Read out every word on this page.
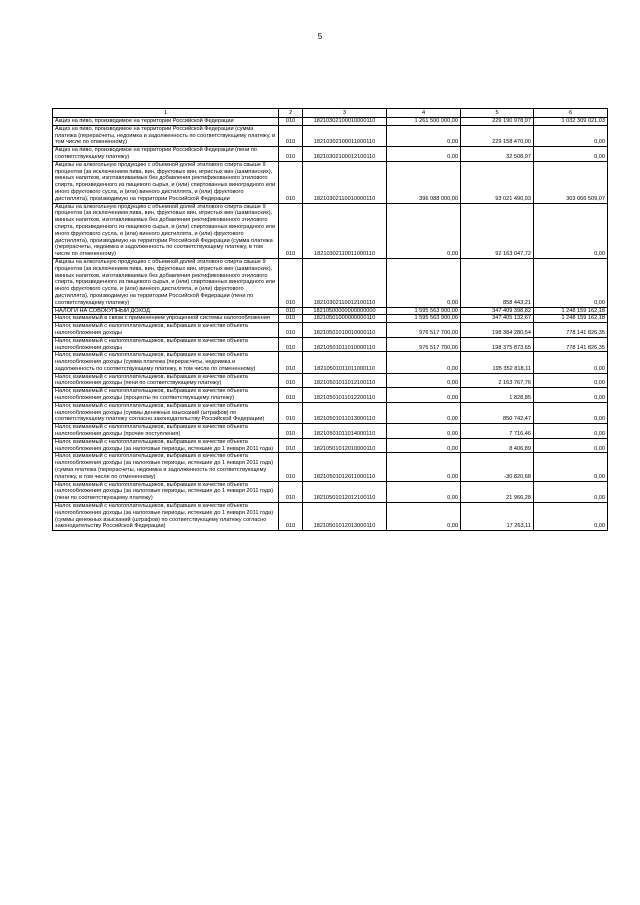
5
1	2	3	4	5	6
Акциз на пиво, производимое на территории Российской Федерации	010	18210302100010000110	1 261 500 000,00	229 190 978,97	1 032 309 021,03
Акциз на пиво, производимое на территории Российской Федерации (сумма платежа (перерасчеты, недоимка и задолженность по соответствующему платежу, в том числе по отмененному)	010	18210302100011000110	0,00	229 158 470,00	0,00
Акциз на пиво, производимое на территории Российской Федерации (пени по соответствующему платежу)	010	18210302100012100110	0,00	32 508,97	0,00
Акцизы на алкогольную продукцию с объемной долей этилового спирта свыше 9 процентов (за исключением пива, вин, фруктовых вин, игристых вин (шампанских), винных напитков, изготавливаемых без добавления ректификованного этилового спирта, произведенного из пищевого сырья, и (или) спиртованных виноградного или иного фруктового сусла, и (или) винного дистиллята, и (или) фруктового дистиллята), производимую на территории Российской Федерации	010	18210302110010000110	396 088 000,00	93 021 490,93	303 066 509,07
Акцизы на алкогольную продукцию с объемной долей этилового спирта свыше 9 процентов (за исключением пива, вин, фруктовых вин, игристых вин (шампанских), винных напитков, изготавливаемых без добавления ректификованного этилового спирта, произведенного из пищевого сырья, и (или) спиртованных виноградного или иного фруктового сусла, и (или) винного дистиллята, и (или) фруктового дистиллята), производимую на территории Российской Федерации (сумма платежа (перерасчеты, недоимка и задолженность по соответствующему платежу, в том числе по отмененному)	010	18210302110011000110	0,00	92 163 047,72	0,00
Акцизы на алкогольную продукцию с объемной долей этилового спирта свыше 9 процентов (за исключением пива, вин, фруктовых вин, игристых вин (шампанских), винных напитков, изготавливаемых без добавления ректификованного этилового спирта, произведенного из пищевого сырья, и (или) спиртованных виноградного или иного фруктового сусла, и (или) винного дистиллята, и (или) фруктового дистиллята), производимую на территории Российской Федерации (пени по соответствующему платежу)	010	18210302110012100110	0,00	858 443,21	0,00
НАЛОГИ НА СОВОКУПНЫЙ ДОХОД	010	18210500000000000000	1 595 563 900,00	347 409 398,82	1 248 159 162,18
Налог, взимаемый в связи с применением упрощенной системы налогообложения	010	18210501000000000110	1 595 563 900,00	347 405 132,67	1 248 159 162,18
Налог, взимаемый с налогоплательщиков, выбравших в качестве объекта налогообложения доходы	010	18210501010010000110	976 517 700,00	198 384 280,54	778 141 826,35
Налог, взимаемый с налогоплательщиков, выбравших в качестве объекта налогообложения доходы	010	18210501011010000110	976 517 700,00	198 375 873,65	778 141 826,35
Налог, взимаемый с налогоплательщиков, выбравших в качестве объекта налогообложения доходы (сумма платежа (перерасчеты, недоимка и задолженность по соответствующему платежу, в том числе по отмененному)	010	18210501011011000110	0,00	195 352 818,11	0,00
Налог, взимаемый с налогоплательщиков, выбравших в качестве объекта налогообложения доходы (пени по соответствующему платежу)	010	18210501011012100110	0,00	2 163 767,76	0,00
Налог, взимаемый с налогоплательщиков, выбравших в качестве объекта налогообложения доходы (проценты по соответствующему платежу)	010	18210501011012200110	0,00	1 828,85	0,00
Налог, взимаемый с налогоплательщиков, выбравших в качестве объекта налогообложения доходы (суммы денежных взысканий (штрафов) по соответствующему платежу согласно законодательству Российской Федерации)	010	18210501011013000110	0,00	850 742,47	0,00
Налог, взимаемый с налогоплательщиков, выбравших в качестве объекта налогообложения доходы (прочие поступления)	010	18210501011014000110	0,00	7 716,46	0,00
Налог, взимаемый с налогоплательщиков, выбравших в качестве объекта налогообложения доходы (за налоговые периоды, истекшие до 1 января 2011 года)	010	18210501012010000110	0,00	8 406,89	0,00
Налог, взимаемый с налогоплательщиков, выбравших в качестве объекта налогообложения доходы (за налоговые периоды, истекшие до 1 января 2011 года) (сумма платежа (перерасчеты, недоимка и задолженность по соответствующему платежу, в том числе по отмененному)	010	18210501012011000110	0,00	-30 820,68	0,00
Налог, взимаемый с налогоплательщиков, выбравших в качестве объекта налогообложения доходы (за налоговые периоды, истекшие до 1 января 2011 года) (пени по соответствующему платежу)	010	18210501012012100110	0,00	21 966,28	0,00
Налог, взимаемый с налогоплательщиков, выбравших в качестве объекта налогообложения доходы (за налоговые периоды, истекшие до 1 января 2011 года) (суммы денежных взысканий (штрафов) по соответствующему платежу согласно законодательству Российской Федерации)	010	18210501012013000110	0,00	17 263,11	0,00
